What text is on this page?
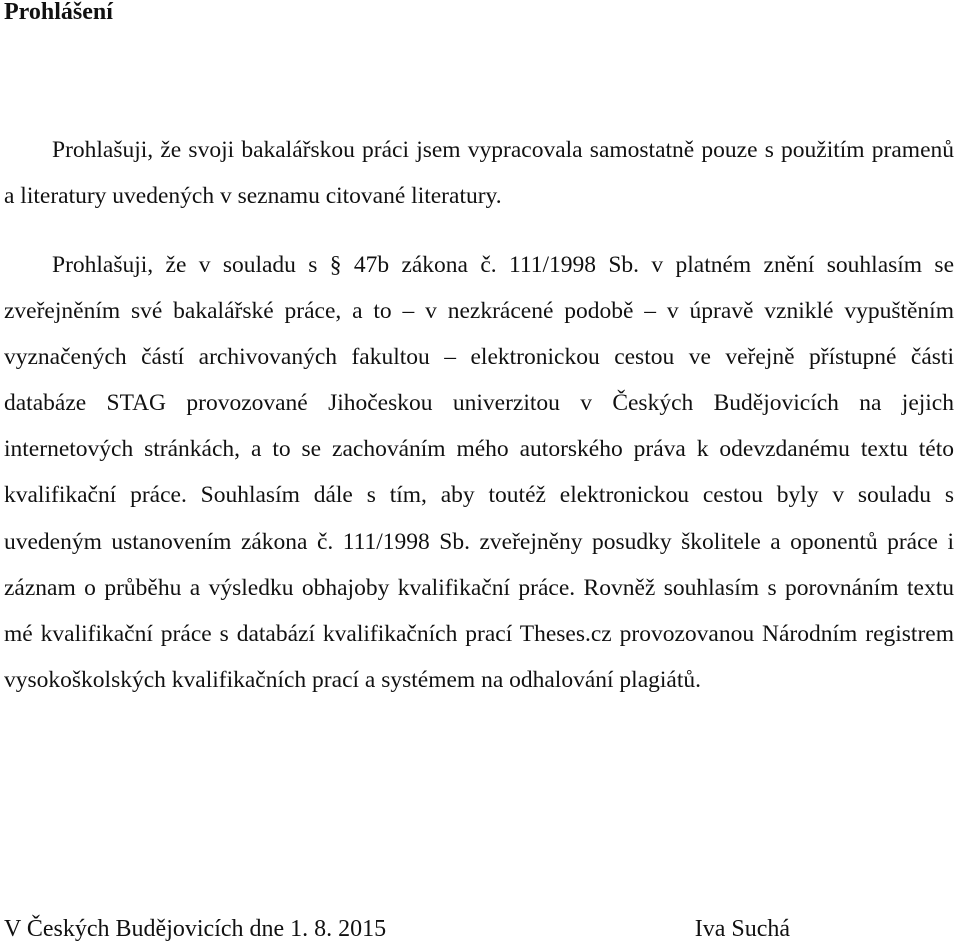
Prohlášení

Prohlašuji, že svoji bakalářskou práci jsem vypracovala samostatně pouze s použitím pramenů a literatury uvedených v seznamu citované literatury.

Prohlašuji, že v souladu s § 47b zákona č. 111/1998 Sb. v platném znění souhlasím se zveřejněním své bakalářské práce, a to – v nezkrácené podobě – v úpravě vzniklé vypuštěním vyznačených částí archivovaných fakultou – elektronickou cestou ve veřejně přístupné části databáze STAG provozované Jihočeskou univerzitou v Českých Budějovicích na jejich internetových stránkách, a to se zachováním mého autorského práva k odevzdanému textu této kvalifikační práce. Souhlasím dále s tím, aby toutéž elektronickou cestou byly v souladu s uvedeným ustanovením zákona č. 111/1998 Sb. zveřejněny posudky školitele a oponentů práce i záznam o průběhu a výsledku obhajoby kvalifikační práce. Rovněž souhlasím s porovnáním textu mé kvalifikační práce s databází kvalifikačních prací Theses.cz provozovanou Národním registrem vysokoškolských kvalifikačních prací a systémem na odhalování plagiátů.

V Českých Budějovicích dne 1. 8. 2015	Iva Suchá
